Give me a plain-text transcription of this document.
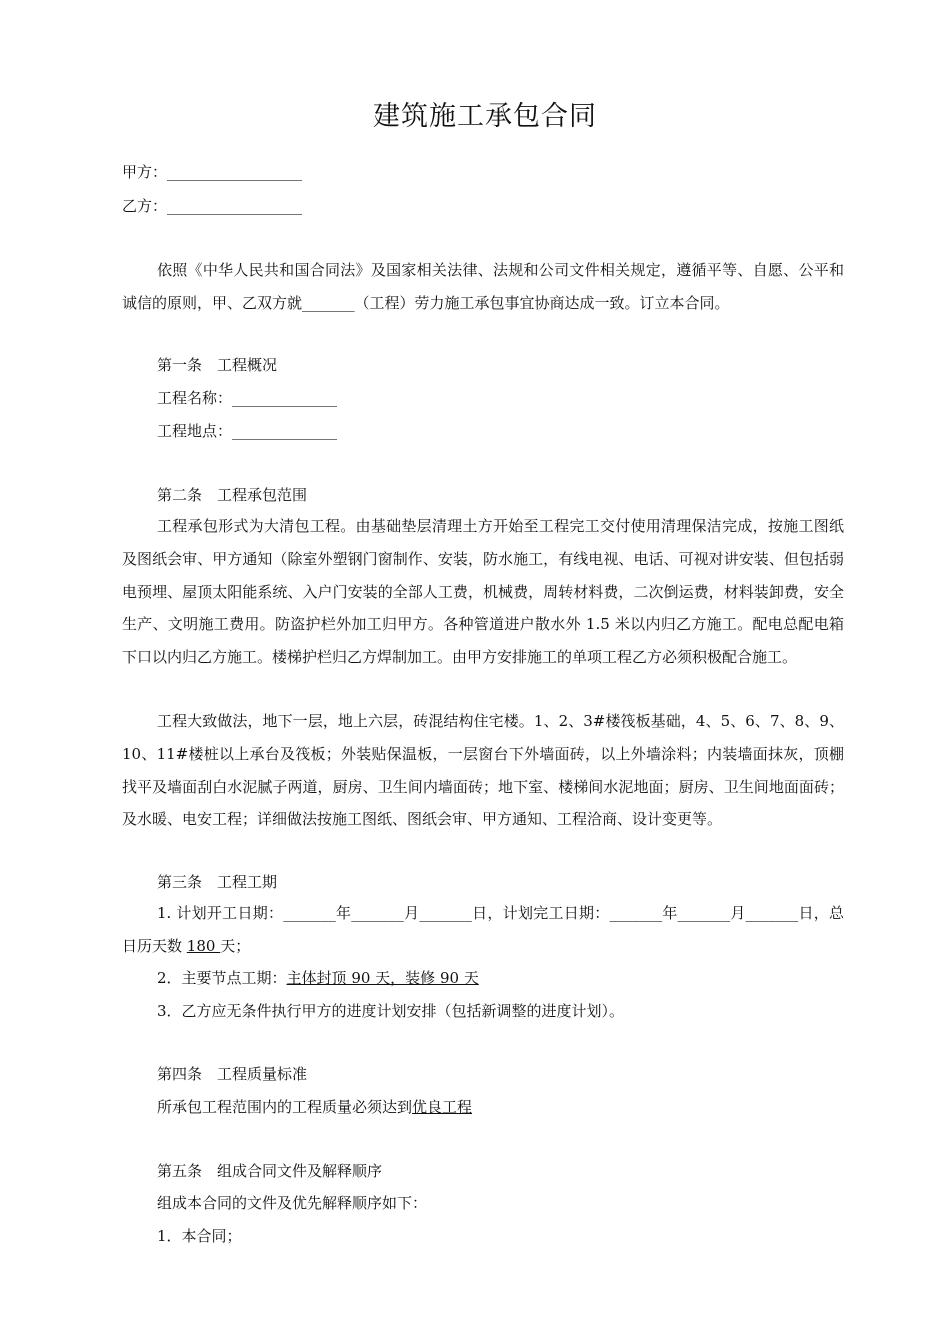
建筑施工承包合同
甲方：__________________
乙方：__________________

依照《中华人民共和国合同法》及国家相关法律、法规和公司文件相关规定，遵循平等、自愿、公平和诚信的原则，甲、乙双方就_______（工程）劳力施工承包事宜协商达成一致。订立本合同。

第一条　工程概况
工程名称：______________
工程地点：______________
第二条　工程承包范围

工程承包形式为大清包工程。由基础垫层清理土方开始至工程完工交付使用清理保洁完成，按施工图纸及图纸会审、甲方通知（除室外塑钢门窗制作、安装，防水施工，有线电视、电话、可视对讲安装、但包括弱电预埋、屋顶太阳能系统、入户门安装的全部人工费，机械费，周转材料费，二次倒运费，材料装卸费，安全生产、文明施工费用。防盗护栏外加工归甲方。各种管道进户散水外 1.5 米以内归乙方施工。配电总配电箱下口以内归乙方施工。楼梯护栏归乙方焊制加工。由甲方安排施工的单项工程乙方必须积极配合施工。

工程大致做法，地下一层，地上六层，砖混结构住宅楼。1、2、3#楼筏板基础，4、5、6、7、8、9、10、11#楼桩以上承台及筏板；外装贴保温板，一层窗台下外墙面砖，以上外墙涂料；内装墙面抹灰，顶棚找平及墙面刮白水泥腻子两道，厨房、卫生间内墙面砖；地下室、楼梯间水泥地面；厨房、卫生间地面面砖；及水暖、电安工程；详细做法按施工图纸、图纸会审、甲方通知、工程洽商、设计变更等。

第三条　工程工期

1. 计划开工日期：_______年_______月_______日，计划完工日期：_______年_______月_______日，总日历天数 180 天；

2．主要节点工期：主体封顶 90 天，装修 90 天
3．乙方应无条件执行甲方的进度计划安排（包括新调整的进度计划）。
第四条　工程质量标准
所承包工程范围内的工程质量必须达到优良工程
第五条　组成合同文件及解释顺序
组成本合同的文件及优先解释顺序如下：
1．本合同；
